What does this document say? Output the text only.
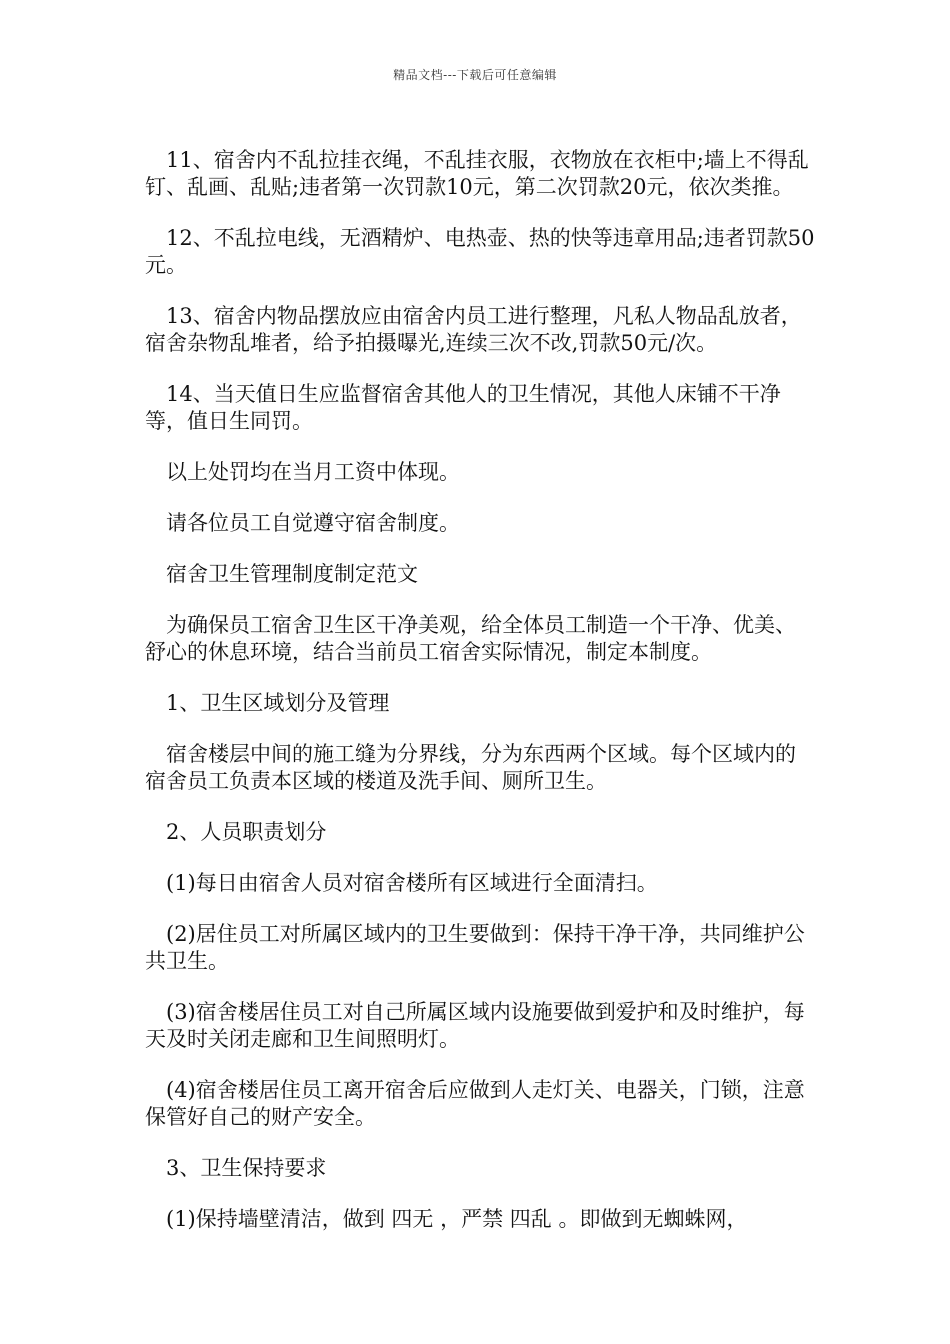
精品文档---下载后可任意编辑

11、宿舍内不乱拉挂衣绳，不乱挂衣服，衣物放在衣柜中;墙上不得乱钉、乱画、乱贴;违者第一次罚款10元，第二次罚款20元，依次类推。

12、不乱拉电线，无酒精炉、电热壶、热的快等违章用品;违者罚款50元。

13、宿舍内物品摆放应由宿舍内员工进行整理，凡私人物品乱放者，宿舍杂物乱堆者，给予拍摄曝光,连续三次不改,罚款50元/次。

14、当天值日生应监督宿舍其他人的卫生情况，其他人床铺不干净等，值日生同罚。

以上处罚均在当月工资中体现。

请各位员工自觉遵守宿舍制度。

宿舍卫生管理制度制定范文

为确保员工宿舍卫生区干净美观，给全体员工制造一个干净、优美、舒心的休息环境，结合当前员工宿舍实际情况，制定本制度。

1、卫生区域划分及管理

宿舍楼层中间的施工缝为分界线，分为东西两个区域。每个区域内的宿舍员工负责本区域的楼道及洗手间、厕所卫生。

2、人员职责划分

(1)每日由宿舍人员对宿舍楼所有区域进行全面清扫。

(2)居住员工对所属区域内的卫生要做到：保持干净干净，共同维护公共卫生。

(3)宿舍楼居住员工对自己所属区域内设施要做到爱护和及时维护，每天及时关闭走廊和卫生间照明灯。

(4)宿舍楼居住员工离开宿舍后应做到人走灯关、电器关，门锁，注意保管好自己的财产安全。

3、卫生保持要求

(1)保持墙壁清洁，做到 四无 ，严禁 四乱 。即做到无蜘蛛网，
